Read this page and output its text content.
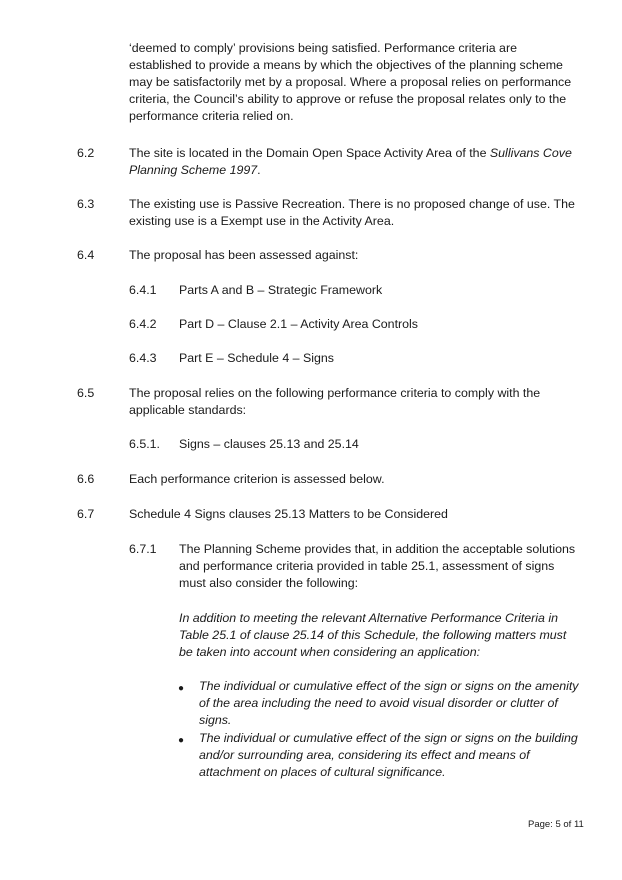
‘deemed to comply’ provisions being satisfied. Performance criteria are established to provide a means by which the objectives of the planning scheme may be satisfactorily met by a proposal. Where a proposal relies on performance criteria, the Council’s ability to approve or refuse the proposal relates only to the performance criteria relied on.

6.2	The site is located in the Domain Open Space Activity Area of the Sullivans Cove Planning Scheme 1997.

6.3	The existing use is Passive Recreation. There is no proposed change of use. The existing use is a Exempt use in the Activity Area.

6.4	The proposal has been assessed against:

6.4.1 Parts A and B – Strategic Framework
6.4.2 Part D – Clause 2.1 – Activity Area Controls
6.4.3 Part E – Schedule 4 – Signs
6.5	The proposal relies on the following performance criteria to comply with the applicable standards:

6.5.1. Signs – clauses 25.13 and 25.14
6.6	Each performance criterion is assessed below.

6.7	Schedule 4 Signs clauses 25.13 Matters to be Considered

6.7.1 The Planning Scheme provides that, in addition the acceptable solutions and performance criteria provided in table 25.1, assessment of signs must also consider the following:
In addition to meeting the relevant Alternative Performance Criteria in Table 25.1 of clause 25.14 of this Schedule, the following matters must be taken into account when considering an application:
● The individual or cumulative effect of the sign or signs on the amenity of the area including the need to avoid visual disorder or clutter of signs.
● The individual or cumulative effect of the sign or signs on the building and/or surrounding area, considering its effect and means of attachment on places of cultural significance.
Page: 5 of 11
